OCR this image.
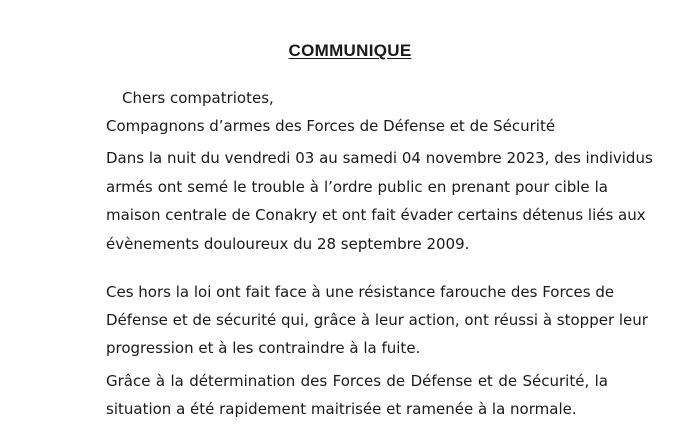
COMMUNIQUE
Chers compatriotes,
Compagnons d’armes des Forces de Défense et de Sécurité
Dans la nuit du vendredi 03 au samedi 04 novembre 2023, des individus
armés ont semé le trouble à l’ordre public en prenant pour cible la
maison centrale de Conakry et ont fait évader certains détenus liés aux
évènements douloureux du 28 septembre 2009.
Ces hors la loi ont fait face à une résistance farouche des Forces de
Défense et de sécurité qui, grâce à leur action, ont réussi à stopper leur
progression et à les contraindre à la fuite.
Grâce à la détermination des Forces de Défense et de Sécurité, la
situation a été rapidement maitrisée et ramenée à la normale.
